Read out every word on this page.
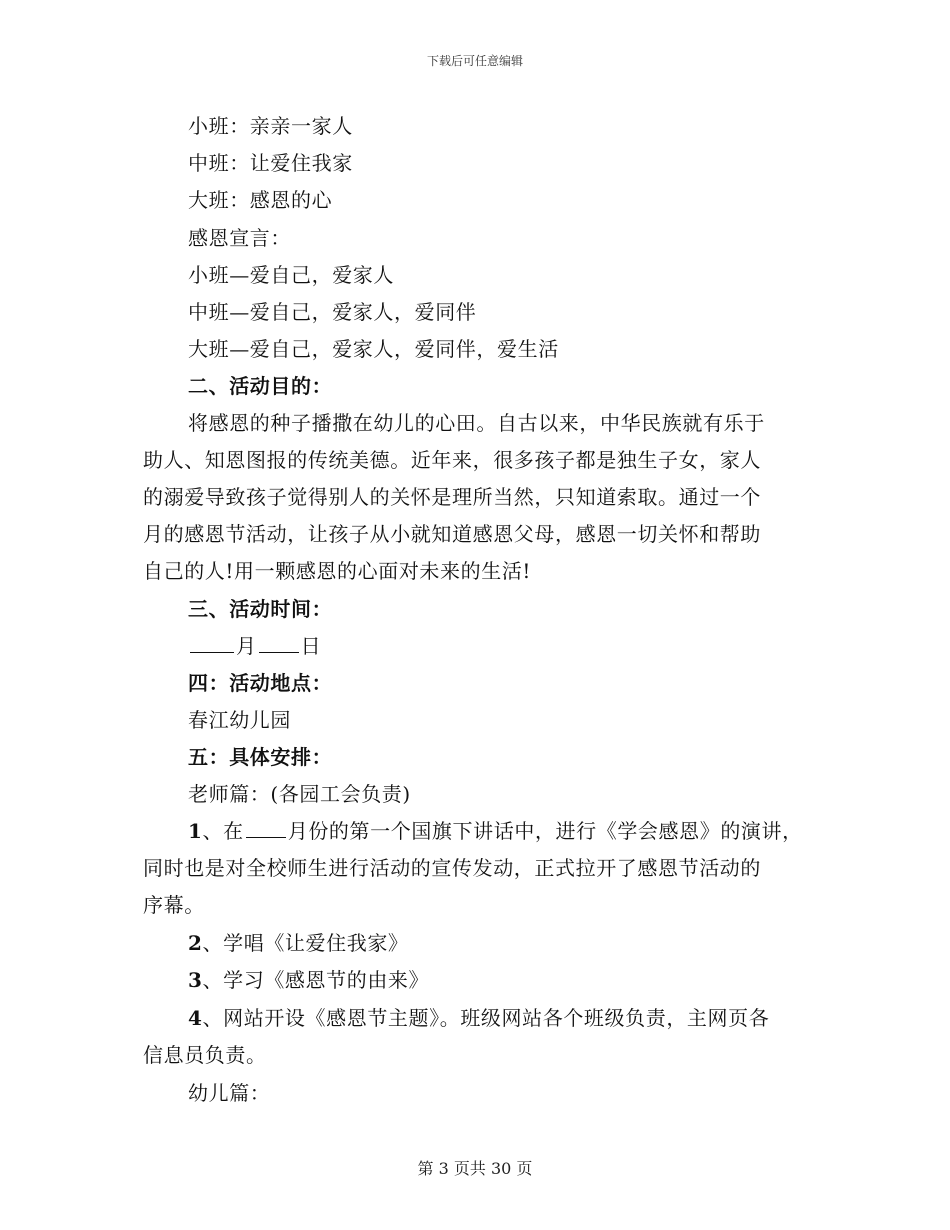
下载后可任意编辑
小班：亲亲一家人
中班：让爱住我家
大班：感恩的心
感恩宣言：
小班—爱自己，爱家人
中班—爱自己，爱家人，爱同伴
大班—爱自己，爱家人，爱同伴，爱生活
二、活动目的：
将感恩的种子播撒在幼儿的心田。自古以来，中华民族就有乐于
助人、知恩图报的传统美德。近年来，很多孩子都是独生子女，家人
的溺爱导致孩子觉得别人的关怀是理所当然，只知道索取。通过一个
月的感恩节活动，让孩子从小就知道感恩父母，感恩一切关怀和帮助
自己的人!用一颗感恩的心面对未来的生活!
三、活动时间：
月 日
四：活动地点：
春江幼儿园
五：具体安排：
老师篇：(各园工会负责)
1、在 月份的第一个国旗下讲话中，进行《学会感恩》的演讲，
同时也是对全校师生进行活动的宣传发动，正式拉开了感恩节活动的
序幕。
2、学唱《让爱住我家》
3、学习《感恩节的由来》
4、网站开设《感恩节主题》。班级网站各个班级负责，主网页各
信息员负责。
幼儿篇：
第 3 页共 30 页
